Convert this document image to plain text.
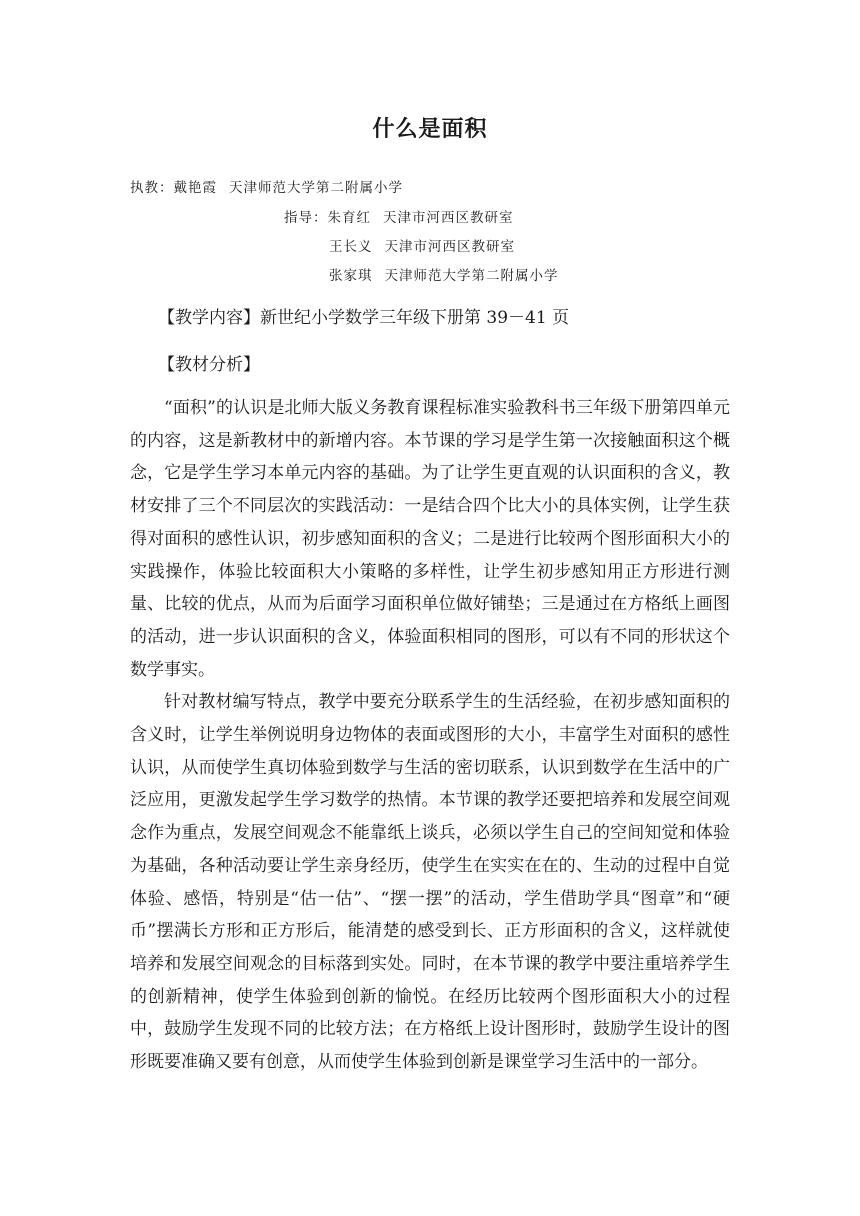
什么是面积
执教：戴艳霞 天津师范大学第二附属小学
指导：朱育红 天津市河西区教研室
王长义 天津市河西区教研室
张家琪 天津师范大学第二附属小学
【教学内容】新世纪小学数学三年级下册第 39－41 页
【教材分析】

“面积”的认识是北师大版义务教育课程标准实验教科书三年级下册第四单元的内容，这是新教材中的新增内容。本节课的学习是学生第一次接触面积这个概念，它是学生学习本单元内容的基础。为了让学生更直观的认识面积的含义，教材安排了三个不同层次的实践活动：一是结合四个比大小的具体实例，让学生获得对面积的感性认识，初步感知面积的含义；二是进行比较两个图形面积大小的实践操作，体验比较面积大小策略的多样性，让学生初步感知用正方形进行测量、比较的优点，从而为后面学习面积单位做好铺垫；三是通过在方格纸上画图的活动，进一步认识面积的含义，体验面积相同的图形，可以有不同的形状这个数学事实。

针对教材编写特点，教学中要充分联系学生的生活经验，在初步感知面积的含义时，让学生举例说明身边物体的表面或图形的大小，丰富学生对面积的感性认识，从而使学生真切体验到数学与生活的密切联系，认识到数学在生活中的广泛应用，更激发起学生学习数学的热情。本节课的教学还要把培养和发展空间观念作为重点，发展空间观念不能靠纸上谈兵，必须以学生自己的空间知觉和体验为基础，各种活动要让学生亲身经历，使学生在实实在在的、生动的过程中自觉体验、感悟，特别是“估一估”、“摆一摆”的活动，学生借助学具“图章”和“硬币”摆满长方形和正方形后，能清楚的感受到长、正方形面积的含义，这样就使培养和发展空间观念的目标落到实处。同时，在本节课的教学中要注重培养学生的创新精神，使学生体验到创新的愉悦。在经历比较两个图形面积大小的过程中，鼓励学生发现不同的比较方法；在方格纸上设计图形时，鼓励学生设计的图形既要准确又要有创意，从而使学生体验到创新是课堂学习生活中的一部分。
